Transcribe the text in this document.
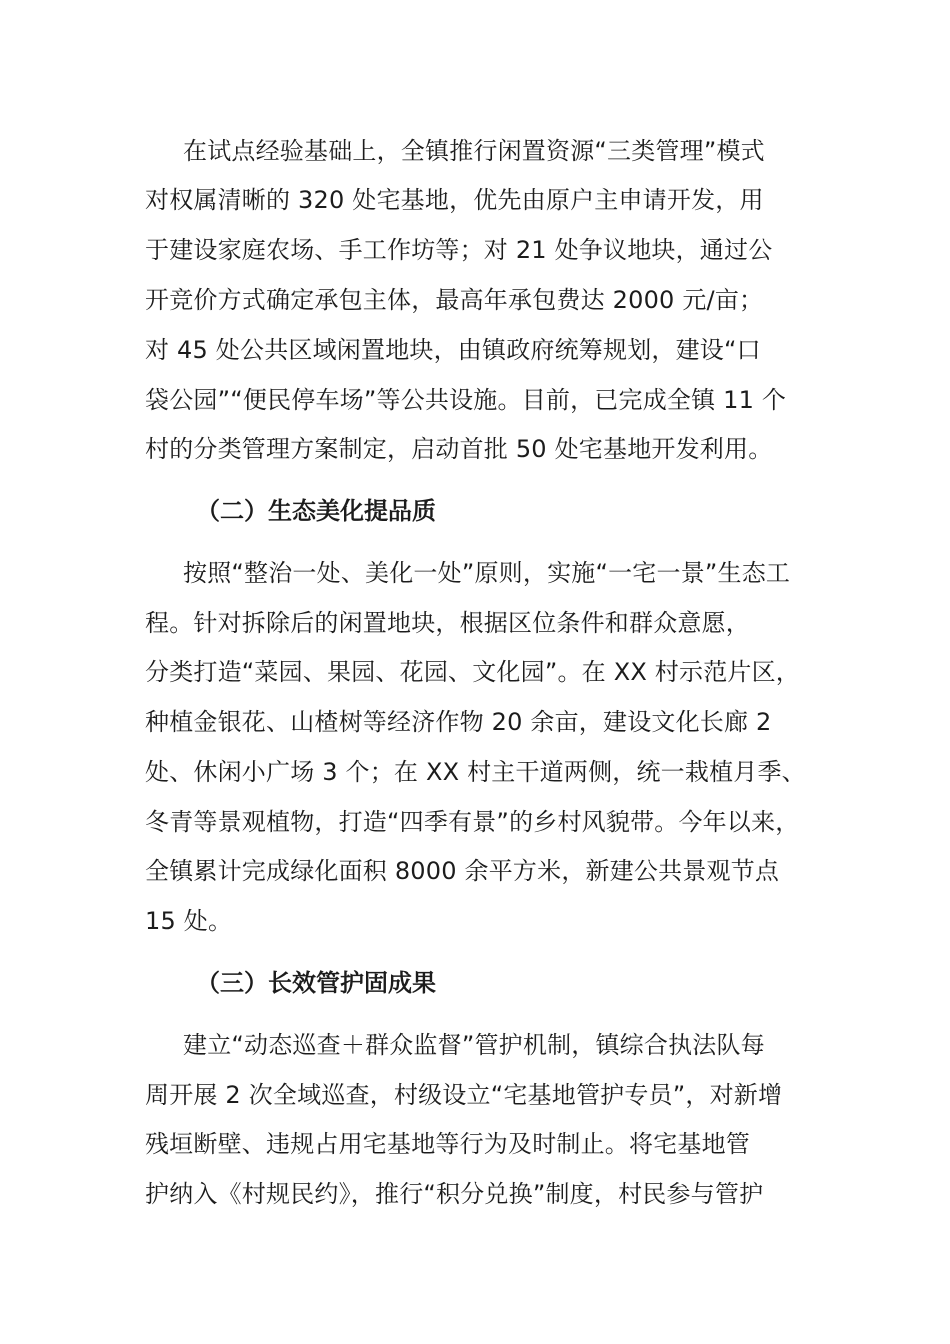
在试点经验基础上，全镇推行闲置资源“三类管理”模式
对权属清晰的 320 处宅基地，优先由原户主申请开发，用
于建设家庭农场、手工作坊等；对 21 处争议地块，通过公
开竞价方式确定承包主体，最高年承包费达 2000 元/亩；
对 45 处公共区域闲置地块，由镇政府统筹规划，建设“口
袋公园”“便民停车场”等公共设施。目前，已完成全镇 11 个
村的分类管理方案制定，启动首批 50 处宅基地开发利用。
（二）生态美化提品质
按照“整治一处、美化一处”原则，实施“一宅一景”生态工
程。针对拆除后的闲置地块，根据区位条件和群众意愿，
分类打造“菜园、果园、花园、文化园”。在 XX 村示范片区，
种植金银花、山楂树等经济作物 20 余亩，建设文化长廊 2
处、休闲小广场 3 个；在 XX 村主干道两侧，统一栽植月季、
冬青等景观植物，打造“四季有景”的乡村风貌带。今年以来，
全镇累计完成绿化面积 8000 余平方米，新建公共景观节点
15 处。
（三）长效管护固成果
建立“动态巡查＋群众监督”管护机制，镇综合执法队每
周开展 2 次全域巡查，村级设立“宅基地管护专员”，对新增
残垣断壁、违规占用宅基地等行为及时制止。将宅基地管
护纳入《村规民约》，推行“积分兑换”制度，村民参与管护
